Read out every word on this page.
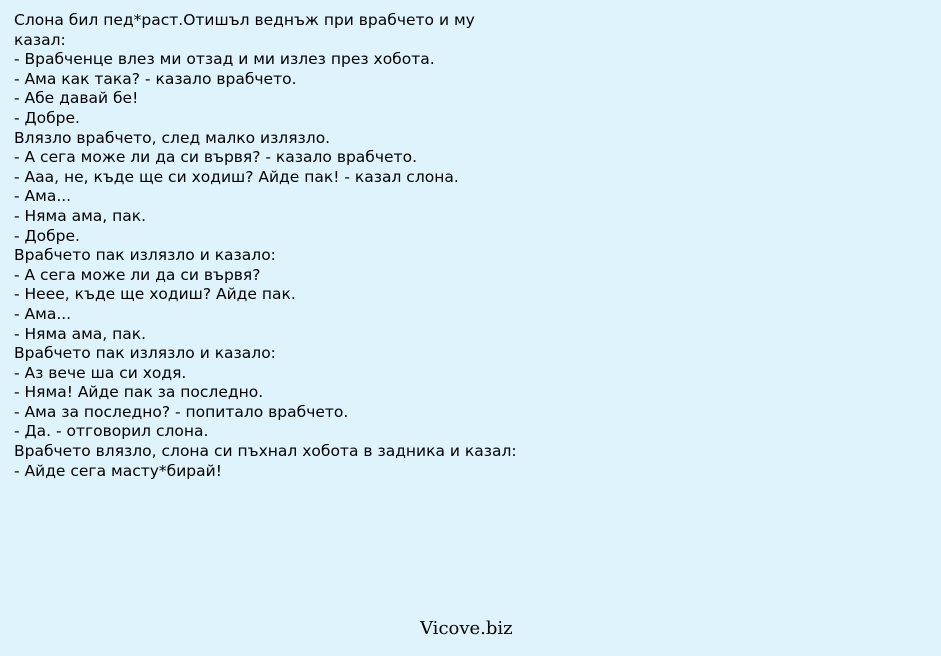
Слона бил пед*раст.Отишъл веднъж при врабчето и му
казал:
- Врабченце влез ми отзад и ми излез през хобота.
- Ама как така? - казало врабчето.
- Абе давай бе!
- Добре.
Влязло врабчето, след малко излязло.
- А сега може ли да си вървя? - казало врабчето.
- Ааа, не, къде ще си ходиш? Айде пак! - казал слона.
- Ама...
- Няма ама, пак.
- Добре.
Врабчето пак излязло и казало:
- А сега може ли да си вървя?
- Нееe, къде ще ходиш? Айде пак.
- Ама...
- Няма ама, пак.
Врабчето пак излязло и казало:
- Аз вече ша си ходя.
- Няма! Айде пак за последно.
- Ама за последно? - попитало врабчето.
- Да. - отговорил слона.
Врабчето влязло, слона си пъхнал хобота в задника и казал:
- Айде сега масту*бирай!
Vicove.biz
